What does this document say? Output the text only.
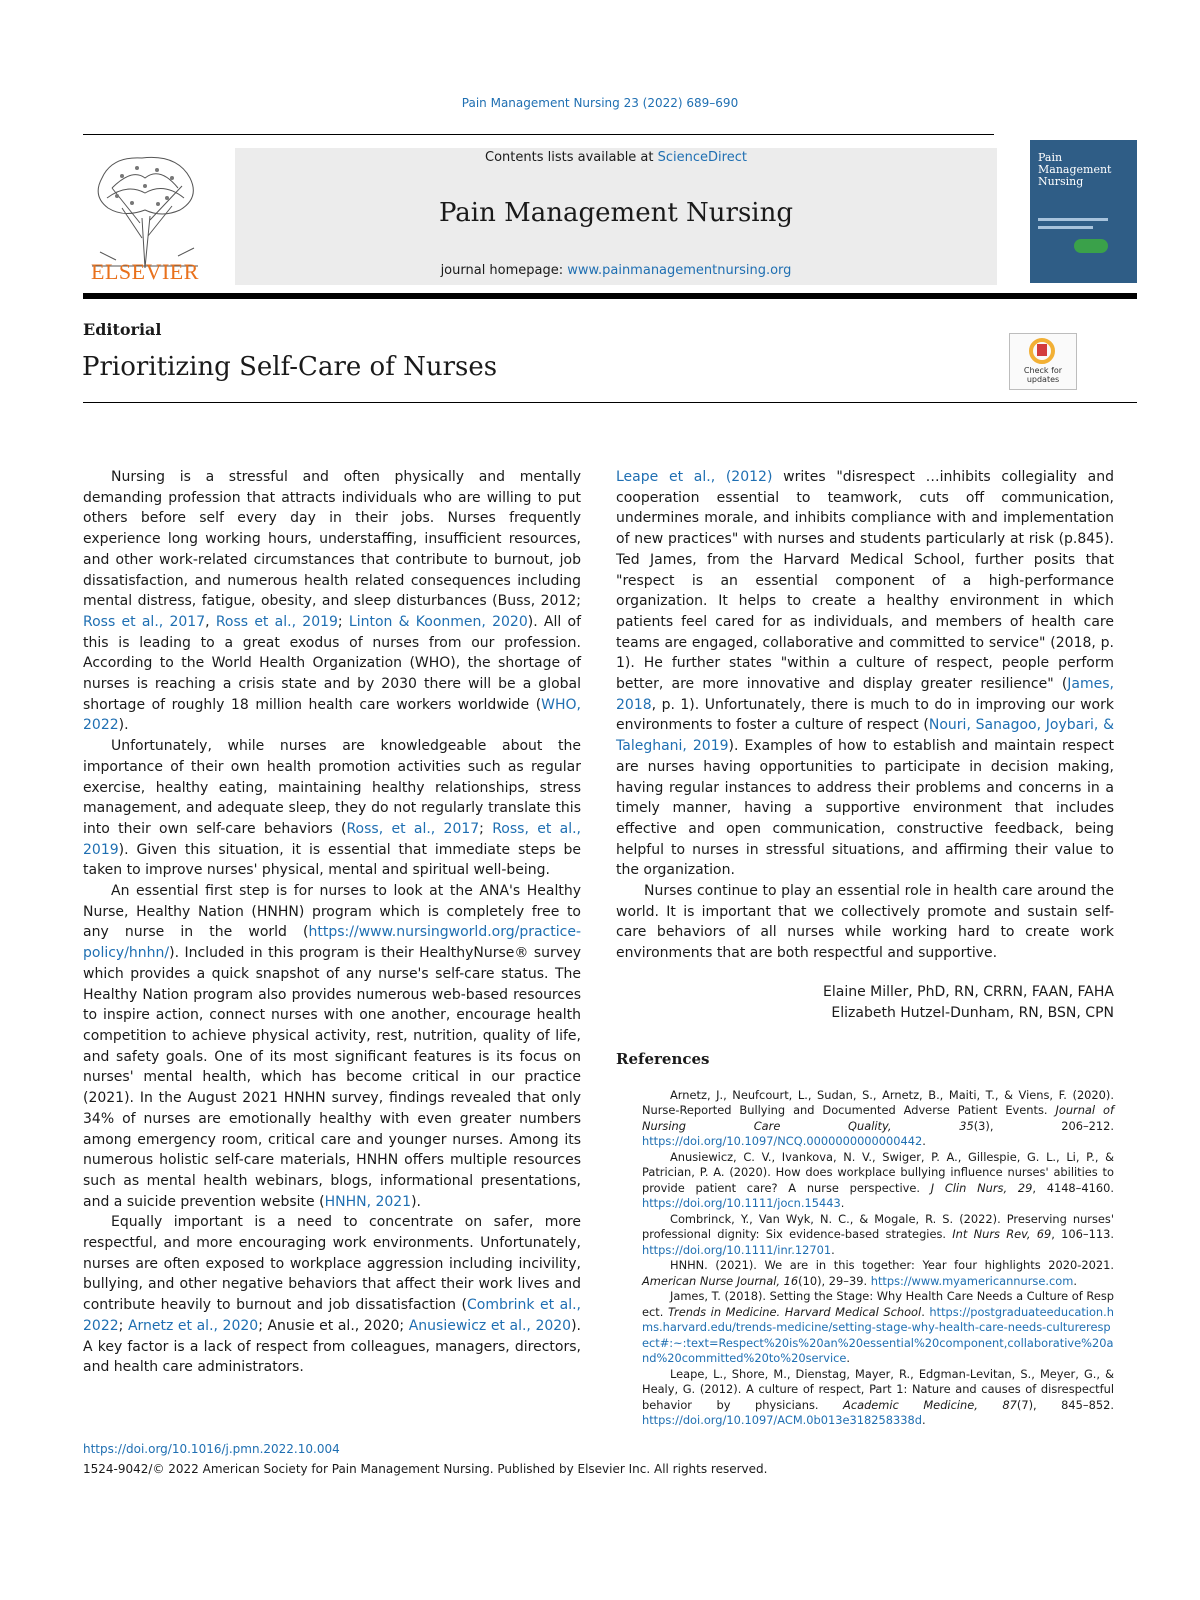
Pain Management Nursing 23 (2022) 689–690
ELSEVIER
Contents lists available at ScienceDirect
Pain Management Nursing
journal homepage: www.painmanagementnursing.org
Pain Management Nursing
Editorial
Prioritizing Self-Care of Nurses	Check for updates

Nursing is a stressful and often physically and mentally demanding profession that attracts individuals who are willing to put others before self every day in their jobs. Nurses frequently experience long working hours, understaffing, insufficient resources, and other work-related circumstances that contribute to burnout, job dissatisfaction, and numerous health related consequences including mental distress, fatigue, obesity, and sleep disturbances (Buss, 2012; Ross et al., 2017, Ross et al., 2019; Linton & Koonmen, 2020). All of this is leading to a great exodus of nurses from our profession. According to the World Health Organization (WHO), the shortage of nurses is reaching a crisis state and by 2030 there will be a global shortage of roughly 18 million health care workers worldwide (WHO, 2022).

Unfortunately, while nurses are knowledgeable about the importance of their own health promotion activities such as regular exercise, healthy eating, maintaining healthy relationships, stress management, and adequate sleep, they do not regularly translate this into their own self-care behaviors (Ross, et al., 2017; Ross, et al., 2019). Given this situation, it is essential that immediate steps be taken to improve nurses' physical, mental and spiritual well-being.

An essential first step is for nurses to look at the ANA's Healthy Nurse, Healthy Nation (HNHN) program which is completely free to any nurse in the world (https://www.nursingworld.org/practice-policy/hnhn/). Included in this program is their HealthyNurse® survey which provides a quick snapshot of any nurse's self-care status. The Healthy Nation program also provides numerous web-based resources to inspire action, connect nurses with one another, encourage health competition to achieve physical activity, rest, nutrition, quality of life, and safety goals. One of its most significant features is its focus on nurses' mental health, which has become critical in our practice (2021). In the August 2021 HNHN survey, findings revealed that only 34% of nurses are emotionally healthy with even greater numbers among emergency room, critical care and younger nurses. Among its numerous holistic self-care materials, HNHN offers multiple resources such as mental health webinars, blogs, informational presentations, and a suicide prevention website (HNHN, 2021).

Equally important is a need to concentrate on safer, more respectful, and more encouraging work environments. Unfortunately, nurses are often exposed to workplace aggression including incivility, bullying, and other negative behaviors that affect their work lives and contribute heavily to burnout and job dissatisfaction (Combrink et al., 2022; Arnetz et al., 2020; Anusie et al., 2020; Anusiewicz et al., 2020). A key factor is a lack of respect from colleagues, managers, directors, and health care administrators.

Leape et al., (2012) writes "disrespect …inhibits collegiality and cooperation essential to teamwork, cuts off communication, undermines morale, and inhibits compliance with and implementation of new practices" with nurses and students particularly at risk (p.845). Ted James, from the Harvard Medical School, further posits that "respect is an essential component of a high-performance organization. It helps to create a healthy environment in which patients feel cared for as individuals, and members of health care teams are engaged, collaborative and committed to service" (2018, p. 1). He further states "within a culture of respect, people perform better, are more innovative and display greater resilience" (James, 2018, p. 1). Unfortunately, there is much to do in improving our work environments to foster a culture of respect (Nouri, Sanagoo, Joybari, & Taleghani, 2019). Examples of how to establish and maintain respect are nurses having opportunities to participate in decision making, having regular instances to address their problems and concerns in a timely manner, having a supportive environment that includes effective and open communication, constructive feedback, being helpful to nurses in stressful situations, and affirming their value to the organization.

Nurses continue to play an essential role in health care around the world. It is important that we collectively promote and sustain self-care behaviors of all nurses while working hard to create work environments that are both respectful and supportive.

Elaine Miller, PhD, RN, CRRN, FAAN, FAHA
Elizabeth Hutzel-Dunham, RN, BSN, CPN
References

Arnetz, J., Neufcourt, L., Sudan, S., Arnetz, B., Maiti, T., & Viens, F. (2020). Nurse-Reported Bullying and Documented Adverse Patient Events. Journal of Nursing Care Quality, 35(3), 206–212. https://doi.org/10.1097/NCQ.0000000000000442.

Anusiewicz, C. V., Ivankova, N. V., Swiger, P. A., Gillespie, G. L., Li, P., & Patrician, P. A. (2020). How does workplace bullying influence nurses' abilities to provide patient care? A nurse perspective. J Clin Nurs, 29, 4148–4160. https://doi.org/10.1111/jocn.15443.

Combrinck, Y., Van Wyk, N. C., & Mogale, R. S. (2022). Preserving nurses' professional dignity: Six evidence-based strategies. Int Nurs Rev, 69, 106–113. https://doi.org/10.1111/inr.12701.

HNHN. (2021). We are in this together: Year four highlights 2020-2021. American Nurse Journal, 16(10), 29–39. https://www.myamericannurse.com.

James, T. (2018). Setting the Stage: Why Health Care Needs a Culture of Respect. Trends in Medicine. Harvard Medical School. https://postgraduateeducation.hms.harvard.edu/trends-medicine/setting-stage-why-health-care-needs-culturerespect#:~:text=Respect%20is%20an%20essential%20component,collaborative%20and%20committed%20to%20service.

Leape, L., Shore, M., Dienstag, Mayer, R., Edgman-Levitan, S., Meyer, G., & Healy, G. (2012). A culture of respect, Part 1: Nature and causes of disrespectful behavior by physicians. Academic Medicine, 87(7), 845–852. https://doi.org/10.1097/ACM.0b013e318258338d.

https://doi.org/10.1016/j.pmn.2022.10.004
1524-9042/© 2022 American Society for Pain Management Nursing. Published by Elsevier Inc. All rights reserved.
